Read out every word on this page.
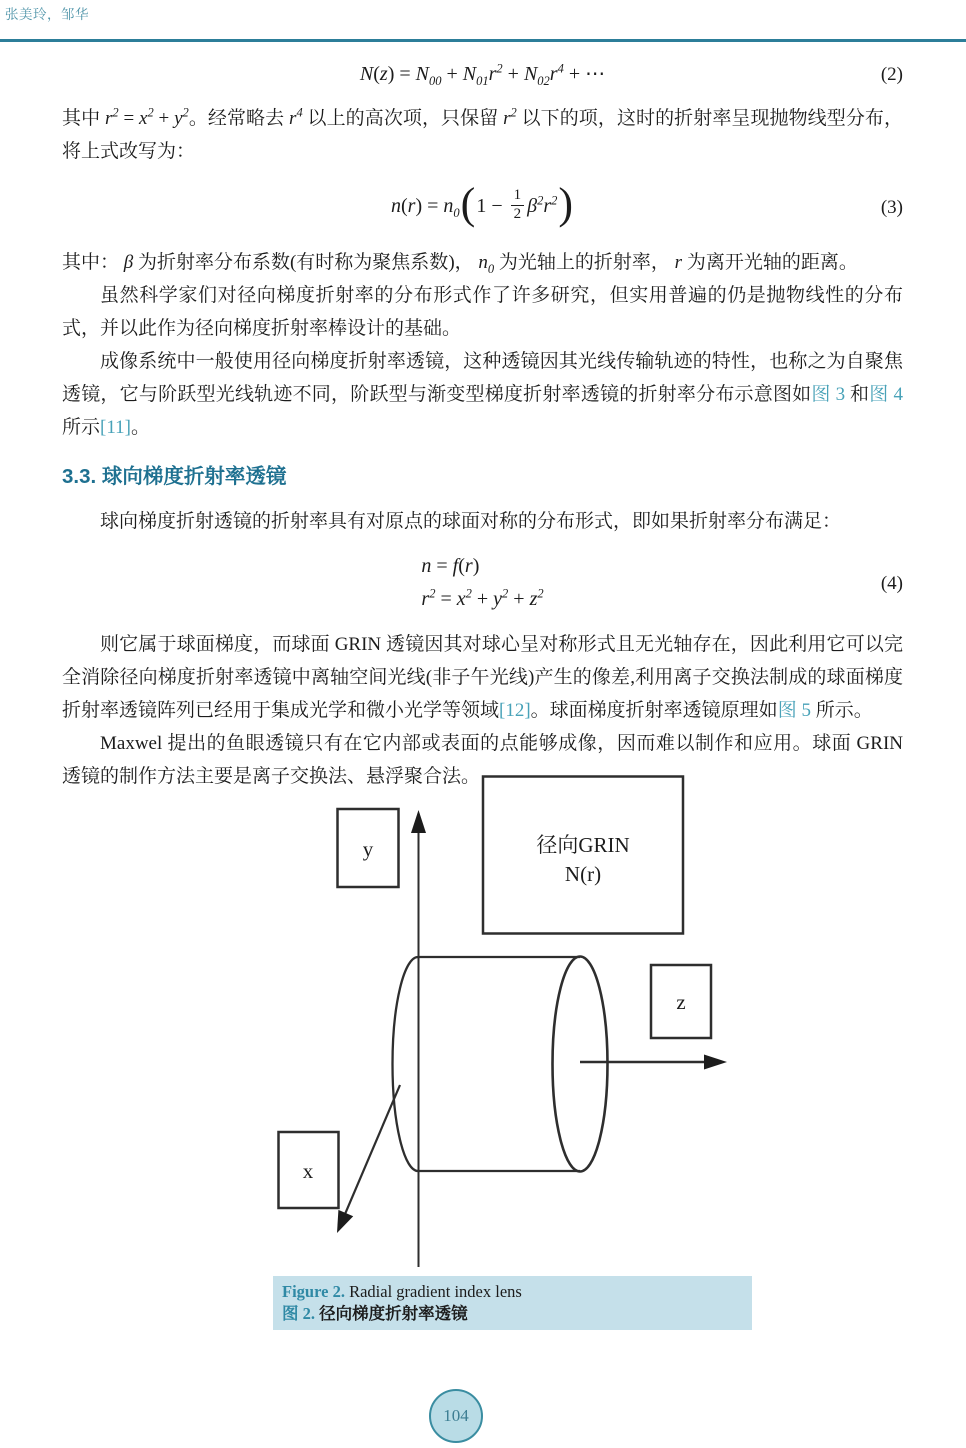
张美玲，邹华
$N(z) = N_{00} + N_{01}r^2 + N_{02}r^4$ + ⋯	(2)

其中 $r^2 = x^2 + y^2$。经常略去 $r^4$ 以上的高次项，只保留 $r^2$ 以下的项，这时的折射率呈现抛物线型分布，将上式改写为：

$n(r) = n_0(1 - \frac{1}{2} \beta^2r^2)$	(3)

其中： β 为折射率分布系数(有时称为聚焦系数)， $n_0$ 为光轴上的折射率， r 为离开光轴的距离。

虽然科学家们对径向梯度折射率的分布形式作了许多研究，但实用普遍的仍是抛物线性的分布式，并以此作为径向梯度折射率棒设计的基础。

成像系统中一般使用径向梯度折射率透镜，这种透镜因其光线传输轨迹的特性，也称之为自聚焦透镜，它与阶跃型光线轨迹不同，阶跃型与渐变型梯度折射率透镜的折射率分布示意图如图 3 和图 4 所示[11]。

3.3. 球向梯度折射率透镜

球向梯度折射透镜的折射率具有对原点的球面对称的分布形式，即如果折射率分布满足：

n = f(r)
$r^2 = x^2 + y^2 + z^2$	(4)

则它属于球面梯度，而球面 GRIN 透镜因其对球心呈对称形式且无光轴存在，因此利用它可以完全消除径向梯度折射率透镜中离轴空间光线(非子午光线)产生的像差,利用离子交换法制成的球面梯度折射率透镜阵列已经用于集成光学和微小光学等领域[12]。球面梯度折射率透镜原理如图 5 所示。

Maxwel 提出的鱼眼透镜只有在它内部或表面的点能够成像，因而难以制作和应用。球面 GRIN 透镜的制作方法主要是离子交换法、悬浮聚合法。

y	径向GRIN
N(r)
z
x
Figure 2. Radial gradient index lens
图 2. 径向梯度折射率透镜
104
